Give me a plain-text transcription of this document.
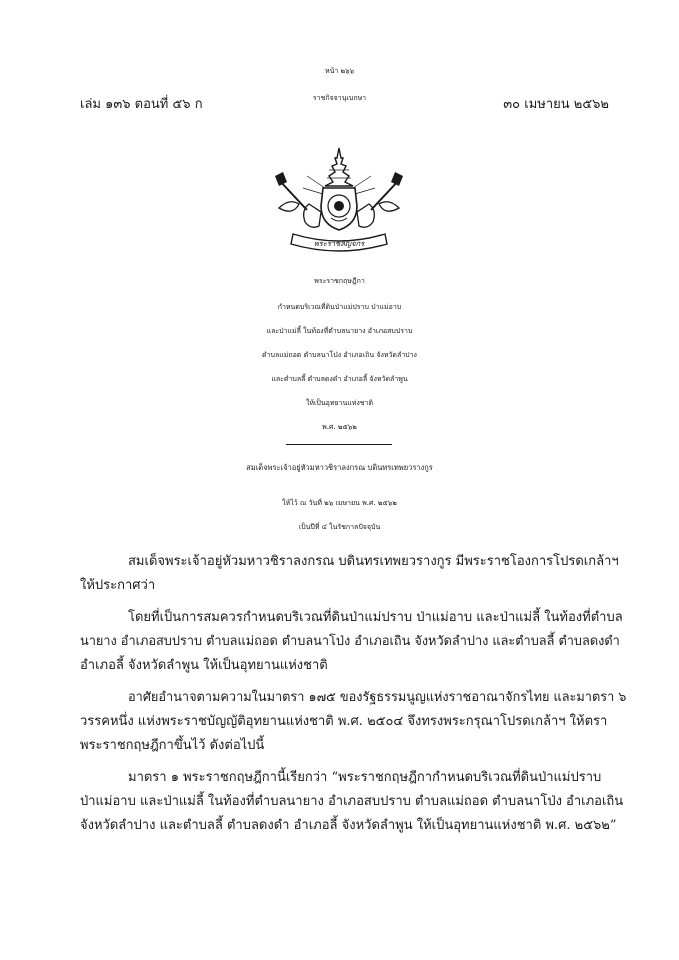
หน้า ๒๖๖
เล่ม ๑๓๖ ตอนที่ ๕๖ ก	ราชกิจจานุเบกษา	๓๐ เมษายน ๒๕๖๒
พระราชลัญจกร
พระราชกฤษฎีกา
กำหนดบริเวณที่ดินป่าแม่ปราบ ป่าแม่อาบ
และป่าแม่ลี้ ในท้องที่ตำบลนายาง อำเภอสบปราบ
ตำบลแม่ถอด ตำบลนาโป่ง อำเภอเถิน จังหวัดลำปาง
และตำบลลี้ ตำบลดงดำ อำเภอลี้ จังหวัดลำพูน
ให้เป็นอุทยานแห่งชาติ
พ.ศ. ๒๕๖๒
สมเด็จพระเจ้าอยู่หัวมหาวชิราลงกรณ บดินทรเทพยวรางกูร
ให้ไว้ ณ วันที่ ๒๖ เมษายน พ.ศ. ๒๕๖๒
เป็นปีที่ ๔ ในรัชกาลปัจจุบัน
สมเด็จพระเจ้าอยู่หัวมหาวชิราลงกรณ บดินทรเทพยวรางกูร มีพระราชโองการโปรดเกล้าฯ
ให้ประกาศว่า
โดยที่เป็นการสมควรกำหนดบริเวณที่ดินป่าแม่ปราบ ป่าแม่อาบ และป่าแม่ลี้ ในท้องที่ตำบล
นายาง อำเภอสบปราบ ตำบลแม่ถอด ตำบลนาโป่ง อำเภอเถิน จังหวัดลำปาง และตำบลลี้ ตำบลดงดำ
อำเภอลี้ จังหวัดลำพูน ให้เป็นอุทยานแห่งชาติ
อาศัยอำนาจตามความในมาตรา ๑๗๕ ของรัฐธรรมนูญแห่งราชอาณาจักรไทย และมาตรา ๖
วรรคหนึ่ง แห่งพระราชบัญญัติอุทยานแห่งชาติ พ.ศ. ๒๕๐๔ จึงทรงพระกรุณาโปรดเกล้าฯ ให้ตรา
พระราชกฤษฎีกาขึ้นไว้ ดังต่อไปนี้
มาตรา ๑ พระราชกฤษฎีกานี้เรียกว่า “พระราชกฤษฎีกากำหนดบริเวณที่ดินป่าแม่ปราบ
ป่าแม่อาบ และป่าแม่ลี้ ในท้องที่ตำบลนายาง อำเภอสบปราบ ตำบลแม่ถอด ตำบลนาโป่ง อำเภอเถิน
จังหวัดลำปาง และตำบลลี้ ตำบลดงดำ อำเภอลี้ จังหวัดลำพูน ให้เป็นอุทยานแห่งชาติ พ.ศ. ๒๕๖๒”
